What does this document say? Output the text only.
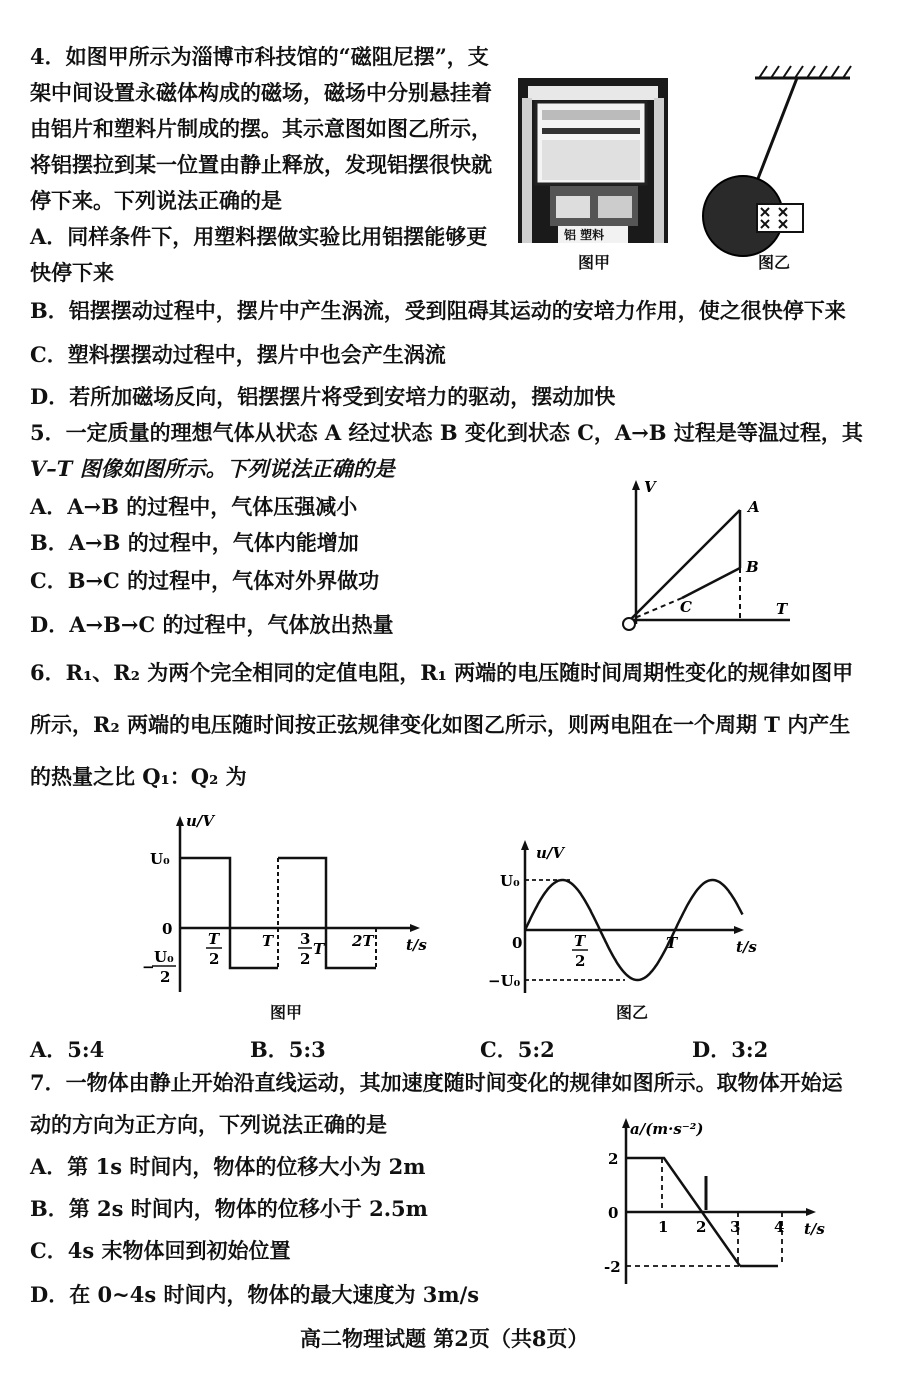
4．如图甲所示为淄博市科技馆的“磁阻尼摆”，支
架中间设置永磁体构成的磁场，磁场中分别悬挂着
由铝片和塑料片制成的摆。其示意图如图乙所示，
将铝摆拉到某一位置由静止释放，发现铝摆很快就
停下来。下列说法正确的是
A．同样条件下，用塑料摆做实验比用铝摆能够更
快停下来
B．铝摆摆动过程中，摆片中产生涡流，受到阻碍其运动的安培力作用，使之很快停下来
C．塑料摆摆动过程中，摆片中也会产生涡流
D．若所加磁场反向，铝摆摆片将受到安培力的驱动，摆动加快
铝 塑料
图甲	图乙
5．一定质量的理想气体从状态 A 经过状态 B 变化到状态 C，A→B 过程是等温过程，其
V–T 图像如图所示。下列说法正确的是
A．A→B 的过程中，气体压强减小
B．A→B 的过程中，气体内能增加
C．B→C 的过程中，气体对外界做功
D．A→B→C 的过程中，气体放出热量
V
A
B
C	T
6．R₁、R₂ 为两个完全相同的定值电阻，R₁ 两端的电压随时间周期性变化的规律如图甲
所示，R₂ 两端的电压随时间按正弦规律变化如图乙所示，则两电阻在一个周期 T 内产生
的热量之比 Q₁：Q₂ 为
u/V
U₀
0
−
U₀
2
T
2
T 3
2
T 2T t/s
图甲
u/V
U₀
0
−U₀
T
2
T	t/s
图乙
A．5:4	B．5:3	C．5:2	D．3:2
7．一物体由静止开始沿直线运动，其加速度随时间变化的规律如图所示。取物体开始运
动的方向为正方向，下列说法正确的是
A．第 1s 时间内，物体的位移大小为 2m
B．第 2s 时间内，物体的位移小于 2.5m
C．4s 末物体回到初始位置
D．在 0~4s 时间内，物体的最大速度为 3m/s
a/(m·s⁻²)
2
0
-2
1 2 3 4 t/s
高二物理试题 第2页（共8页）
